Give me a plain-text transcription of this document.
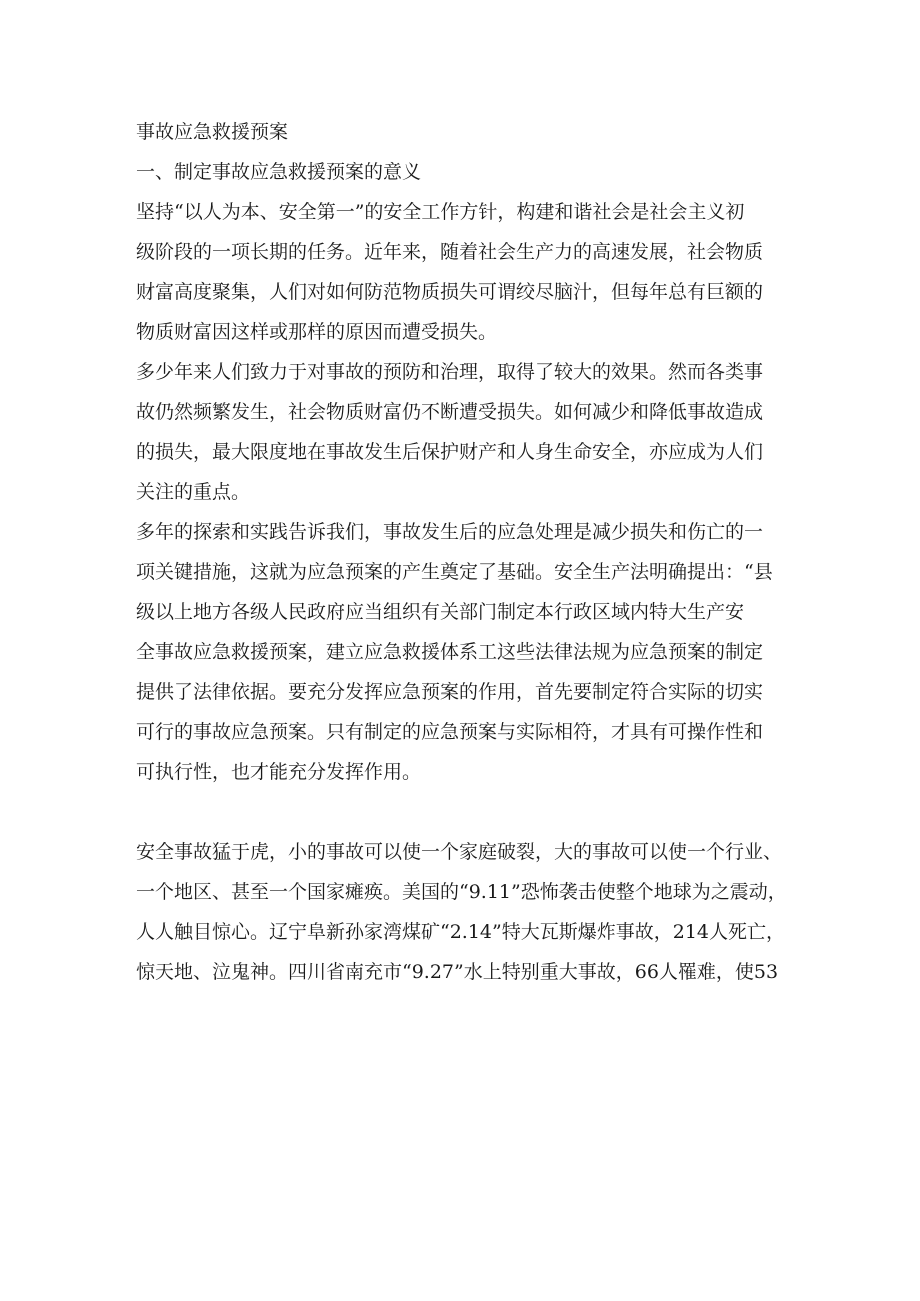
事故应急救援预案
一、制定事故应急救援预案的意义
坚持“以人为本、安全第一”的安全工作方针，构建和谐社会是社会主义初
级阶段的一项长期的任务。近年来，随着社会生产力的高速发展，社会物质
财富高度聚集，人们对如何防范物质损失可谓绞尽脑汁，但每年总有巨额的
物质财富因这样或那样的原因而遭受损失。
多少年来人们致力于对事故的预防和治理，取得了较大的效果。然而各类事
故仍然频繁发生，社会物质财富仍不断遭受损失。如何减少和降低事故造成
的损失，最大限度地在事故发生后保护财产和人身生命安全，亦应成为人们
关注的重点。
多年的探索和实践告诉我们，事故发生后的应急处理是减少损失和伤亡的一
项关键措施，这就为应急预案的产生奠定了基础。安全生产法明确提出：“县
级以上地方各级人民政府应当组织有关部门制定本行政区域内特大生产安
全事故应急救援预案，建立应急救援体系工这些法律法规为应急预案的制定
提供了法律依据。要充分发挥应急预案的作用，首先要制定符合实际的切实
可行的事故应急预案。只有制定的应急预案与实际相符，才具有可操作性和
可执行性，也才能充分发挥作用。
安全事故猛于虎，小的事故可以使一个家庭破裂，大的事故可以使一个行业、
一个地区、甚至一个国家瘫痪。美国的“9.11”恐怖袭击使整个地球为之震动，
人人触目惊心。辽宁阜新孙家湾煤矿“2.14”特大瓦斯爆炸事故，214人死亡，
惊天地、泣鬼神。四川省南充市“9.27”水上特别重大事故，66人罹难，使53
